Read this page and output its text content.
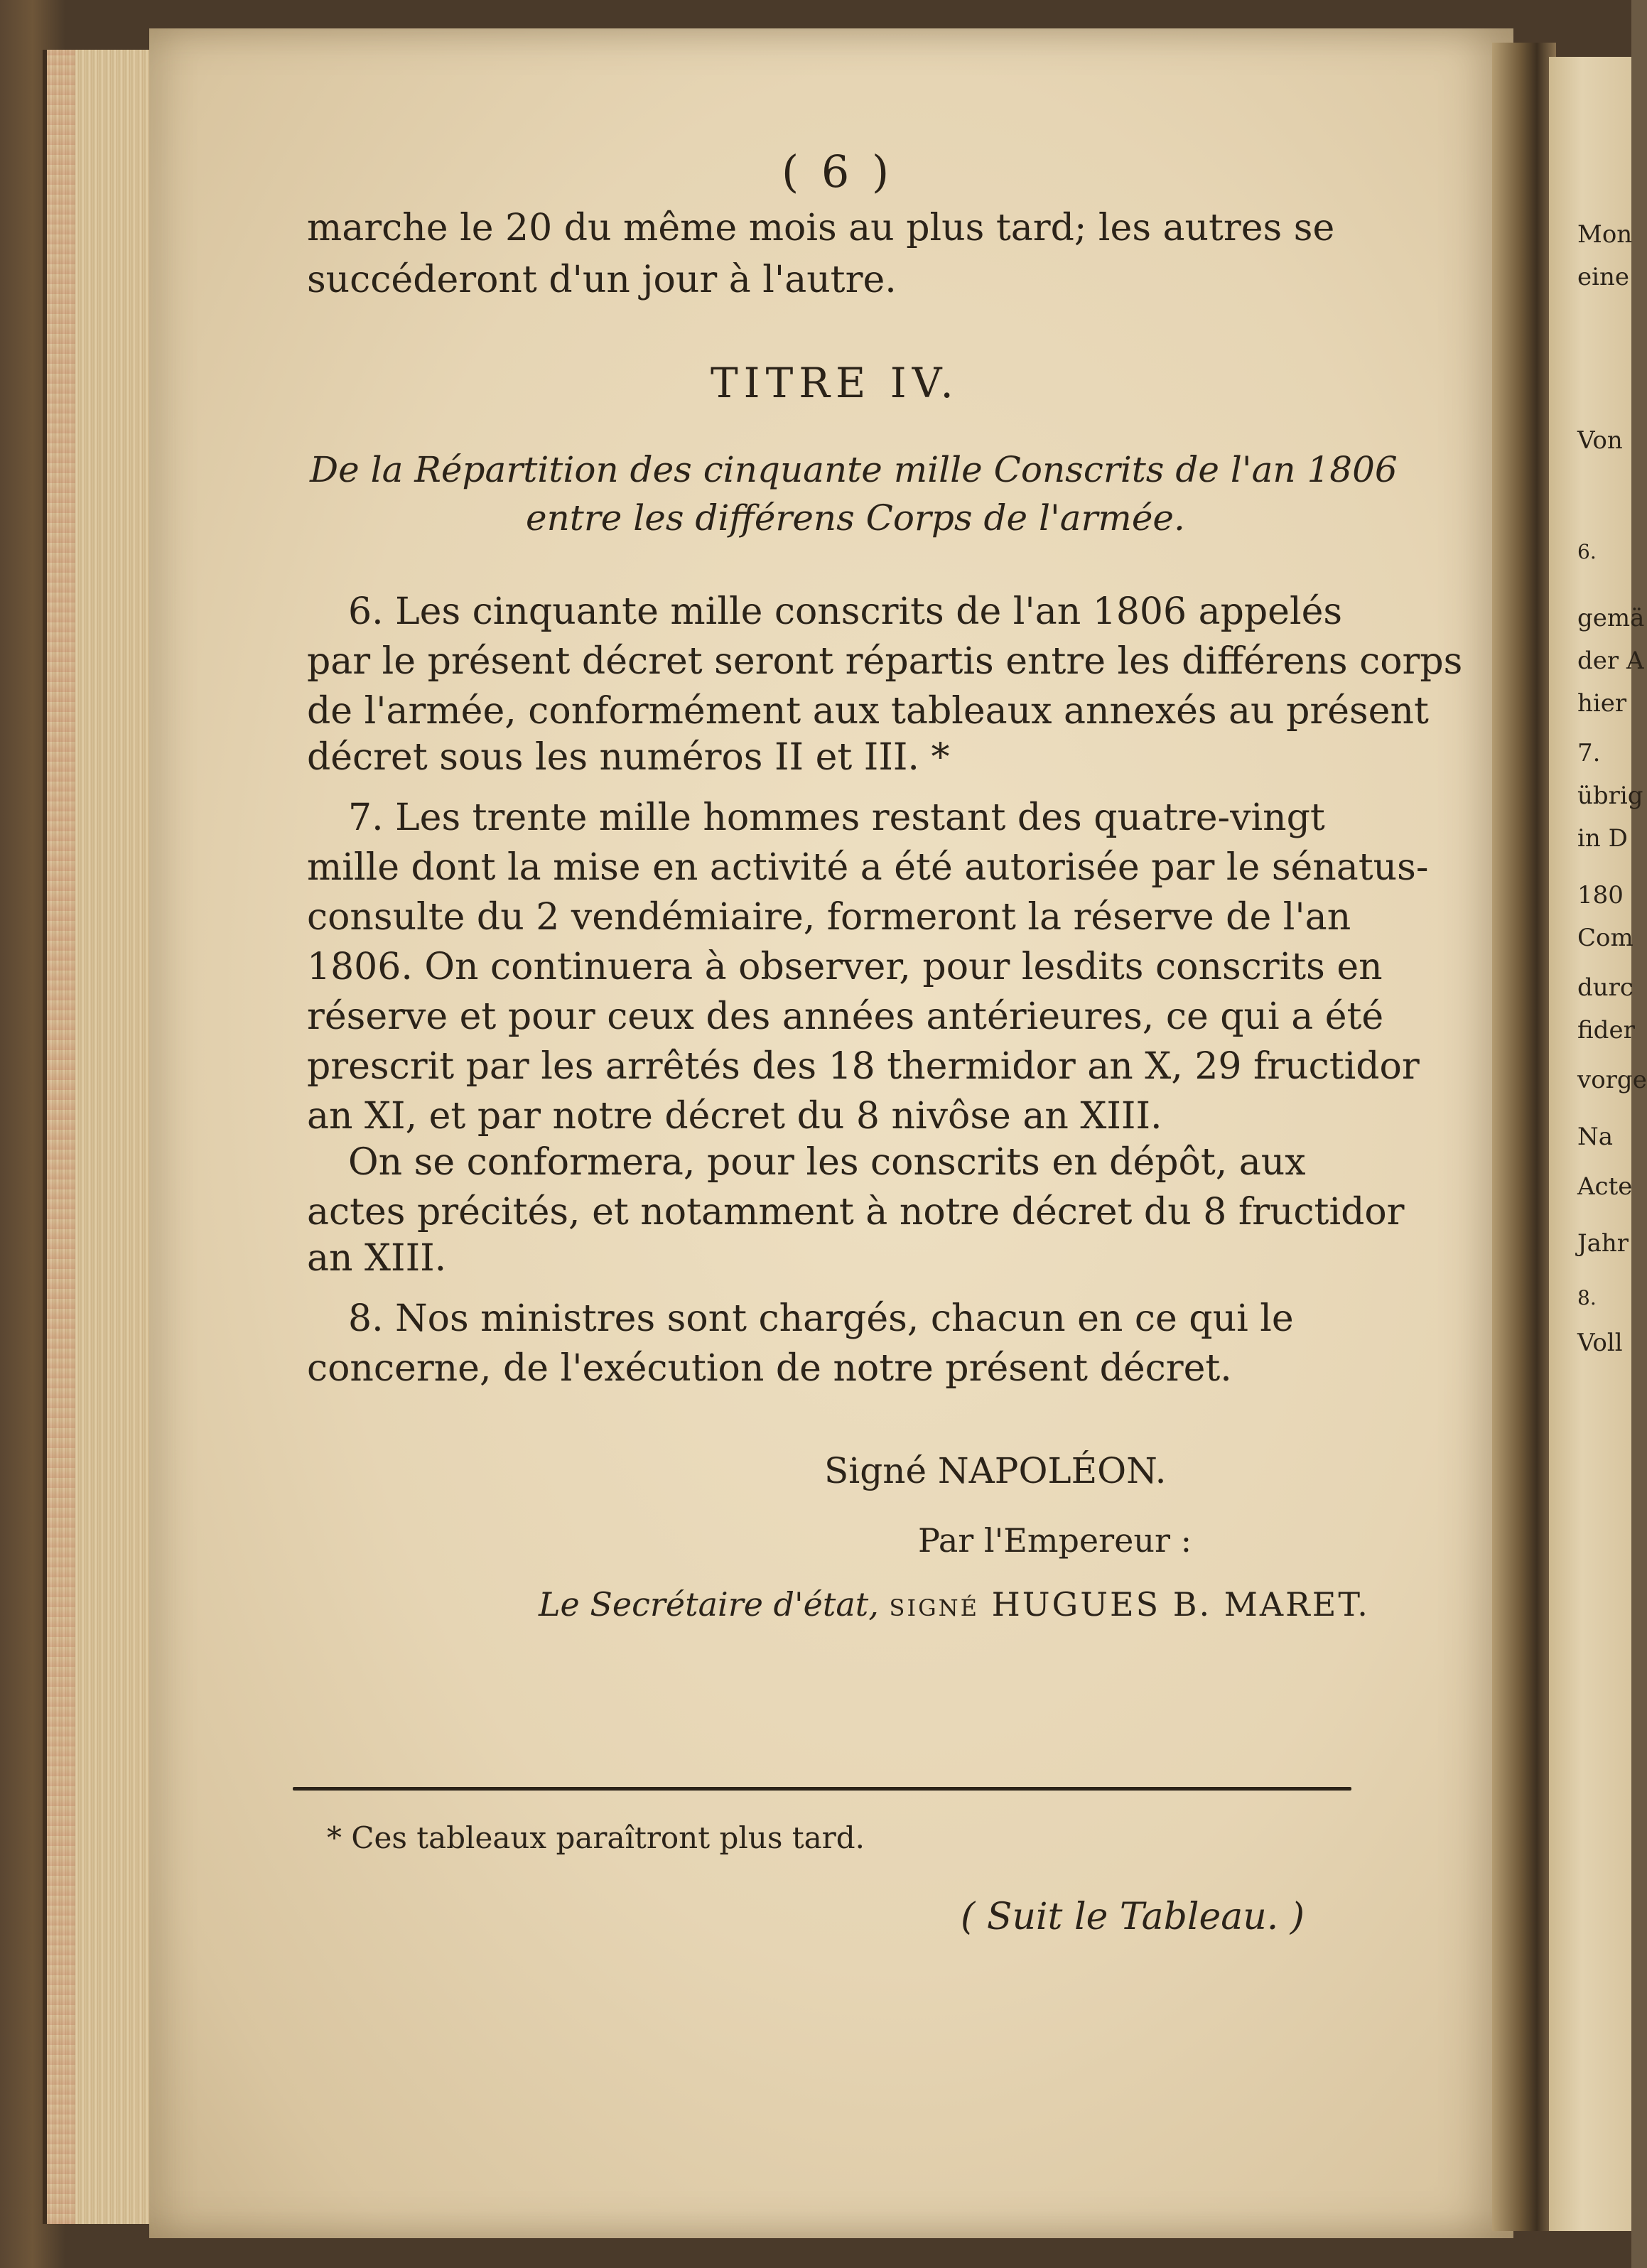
Mon
eine
Von
6.
gemä
der A
hier
7.
übrig
in D
180
Com
durc
fider
vorge
Na
Acte
Jahr
8.
Voll
( 6 )
marche le 20 du même mois au plus tard; les autres se
succéderont d'un jour à l'autre.
TITRE IV.
De la Répartition des cinquante mille Conscrits de l'an 1806
entre les différens Corps de l'armée.
6. Les cinquante mille conscrits de l'an 1806 appelés
par le présent décret seront répartis entre les différens corps
de l'armée, conformément aux tableaux annexés au présent
décret sous les numéros II et III. *
7. Les trente mille hommes restant des quatre-vingt
mille dont la mise en activité a été autorisée par le sénatus-
consulte du 2 vendémiaire, formeront la réserve de l'an
1806. On continuera à observer, pour lesdits conscrits en
réserve et pour ceux des années antérieures, ce qui a été
prescrit par les arrêtés des 18 thermidor an X, 29 fructidor
an XI, et par notre décret du 8 nivôse an XIII.
On se conformera, pour les conscrits en dépôt, aux
actes précités, et notamment à notre décret du 8 fructidor
an XIII.
8. Nos ministres sont chargés, chacun en ce qui le
concerne, de l'exécution de notre présent décret.
Signé NAPOLÉON.
Par l'Empereur :
Le Secrétaire d'état, signé HUGUES B. MARET.
* Ces tableaux paraîtront plus tard.
( Suit le Tableau. )
